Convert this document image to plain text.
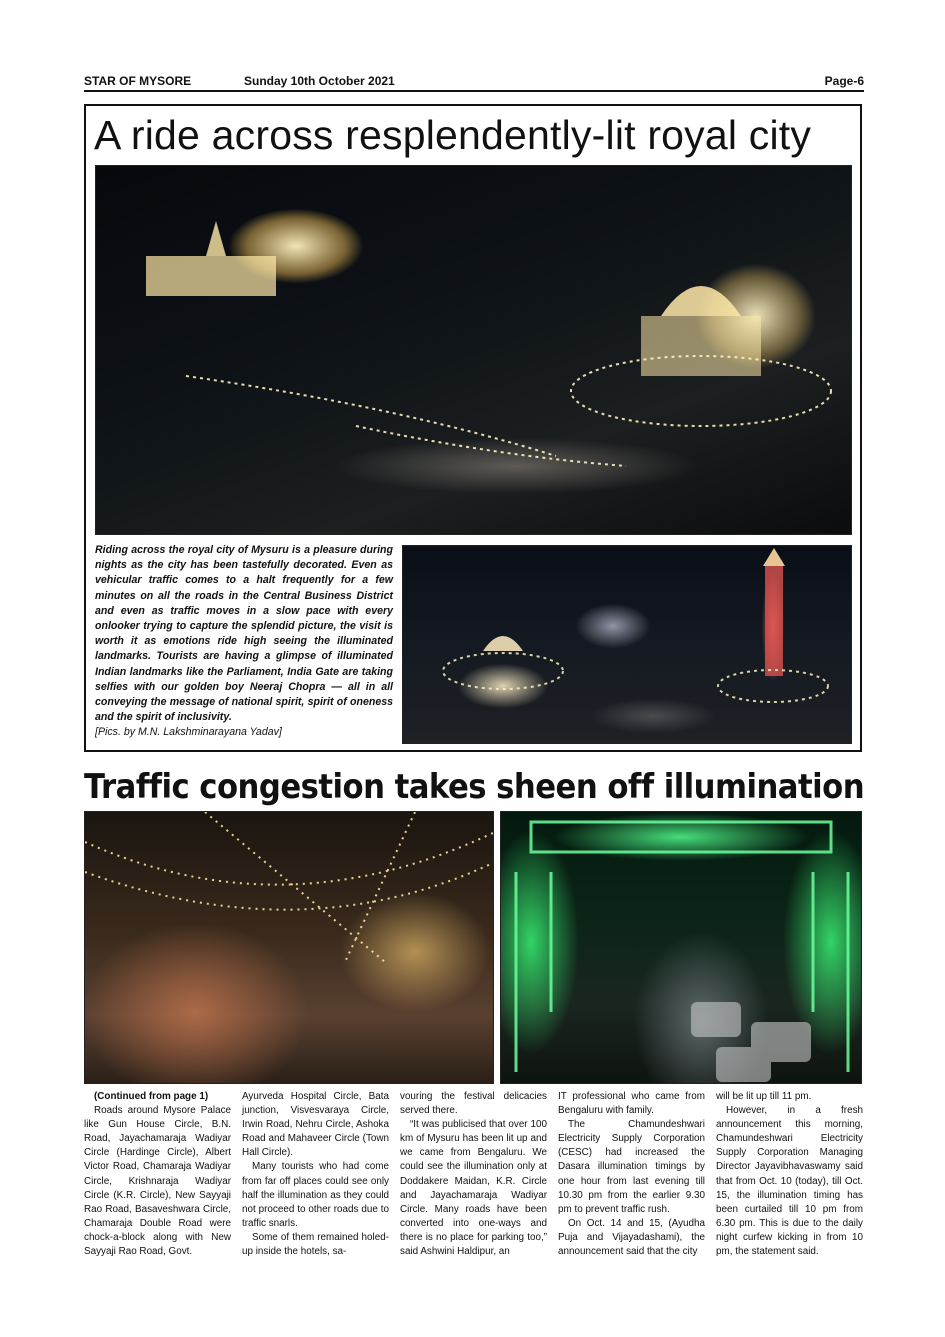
STAR OF MYSORE	Sunday 10th October 2021	Page-6
A ride across resplendently-lit royal city
Riding across the royal city of Mysuru is a pleasure during nights as the city has been tastefully decorated. Even as vehicular traffic comes to a halt frequently for a few minutes on all the roads in the Central Business District and even as traffic moves in a slow pace with every onlooker trying to capture the splendid picture, the visit is worth it as emotions ride high seeing the illuminated landmarks. Tourists are having a glimpse of illuminated Indian landmarks like the Parliament, India Gate are taking selfies with our golden boy Neeraj Chopra — all in all conveying the message of national spirit, spirit of oneness and the spirit of inclusivity.
[Pics. by M.N. Lakshminarayana Yadav]
Traffic congestion takes sheen off illumination
(Continued from page 1)

Roads around Mysore Palace like Gun House Circle, B.N. Road, Jayachamaraja Wadiyar Circle (Hardinge Circle), Albert Victor Road, Chamaraja Wadiyar Circle, Krishnaraja Wadiyar Circle (K.R. Circle), New Sayyaji Rao Road, Basaveshwara Circle, Chamaraja Double Road were chock-a-block along with New Sayyaji Rao Road, Govt.

Ayurveda Hospital Circle, Bata junction, Visvesvaraya Circle, Irwin Road, Nehru Circle, Ashoka Road and Mahaveer Circle (Town Hall Circle).

Many tourists who had come from far off places could see only half the illumination as they could not proceed to other roads due to traffic snarls.

Some of them remained holed-up inside the hotels, sa-

vouring the festival delicacies served there.

“It was publicised that over 100 km of Mysuru has been lit up and we came from Bengaluru. We could see the illumination only at Doddakere Maidan, K.R. Circle and Jayachamaraja Wadiyar Circle. Many roads have been converted into one-ways and there is no place for parking too,” said Ashwini Haldipur, an

IT professional who came from Bengaluru with family.

The Chamundeshwari Electricity Supply Corporation (CESC) had increased the Dasara illumination timings by one hour from last evening till 10.30 pm from the earlier 9.30 pm to prevent traffic rush.

On Oct. 14 and 15, (Ayudha Puja and Vijayadashami), the announcement said that the city

will be lit up till 11 pm.

However, in a fresh announcement this morning, Chamundeshwari Electricity Supply Corporation Managing Director Jayavibhavaswamy said that from Oct. 10 (today), till Oct. 15, the illumination timing has been curtailed till 10 pm from 6.30 pm. This is due to the daily night curfew kicking in from 10 pm, the statement said.
